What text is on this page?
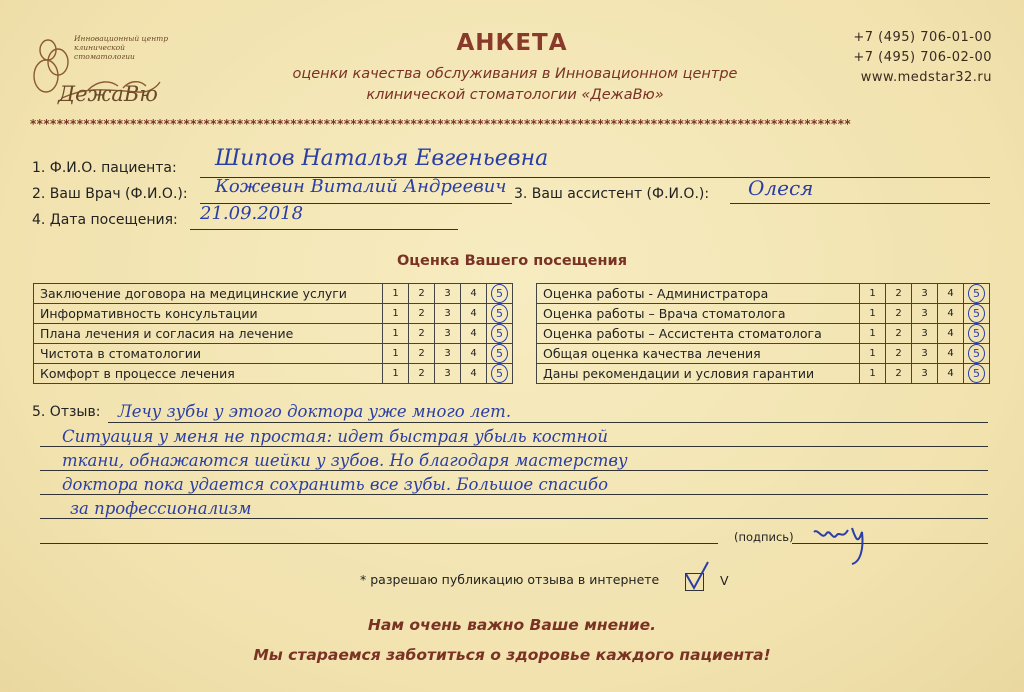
Инновационный центр клинической стоматологии
ДежаВю
АНКЕТА
оценки качества обслуживания в Инновационном центре
клинической стоматологии «ДежаВю»
+7 (495) 706-01-00
+7 (495) 706-02-00
www.medstar32.ru
***************************************************************************************************************************
1. Ф.И.О. пациента: Шипов Наталья Евгеньевна
2. Ваш Врач (Ф.И.О.): Кожевин Виталий Андреевич 3. Ваш ассистент (Ф.И.О.): Олеся
4. Дата посещения: 21.09.2018
Оценка Вашего посещения
Заключение договора на медицинские услуги	1	2	3	4	5
Информативность консультации	1	2	3	4	5
Плана лечения и согласия на лечение	1	2	3	4	5
Чистота в стоматологии	1	2	3	4	5
Комфорт в процессе лечения	1	2	3	4	5
Оценка работы - Администратора	1	2	3	4	5
Оценка работы – Врача стоматолога	1	2	3	4	5
Оценка работы – Ассистента стоматолога	1	2	3	4	5
Общая оценка качества лечения	1	2	3	4	5
Даны рекомендации и условия гарантии	1	2	3	4	5
5. Отзыв: Лечу зубы у этого доктора уже много лет.
Ситуация у меня не простая: идет быстрая убыль костной
ткани, обнажаются шейки у зубов. Но благодаря мастерству
доктора пока удается сохранить все зубы. Большое спасибо
за профессионализм
(подпись)
* разрешаю публикацию отзыва в интернете	V
Нам очень важно Ваше мнение.
Мы стараемся заботиться о здоровье каждого пациента!
